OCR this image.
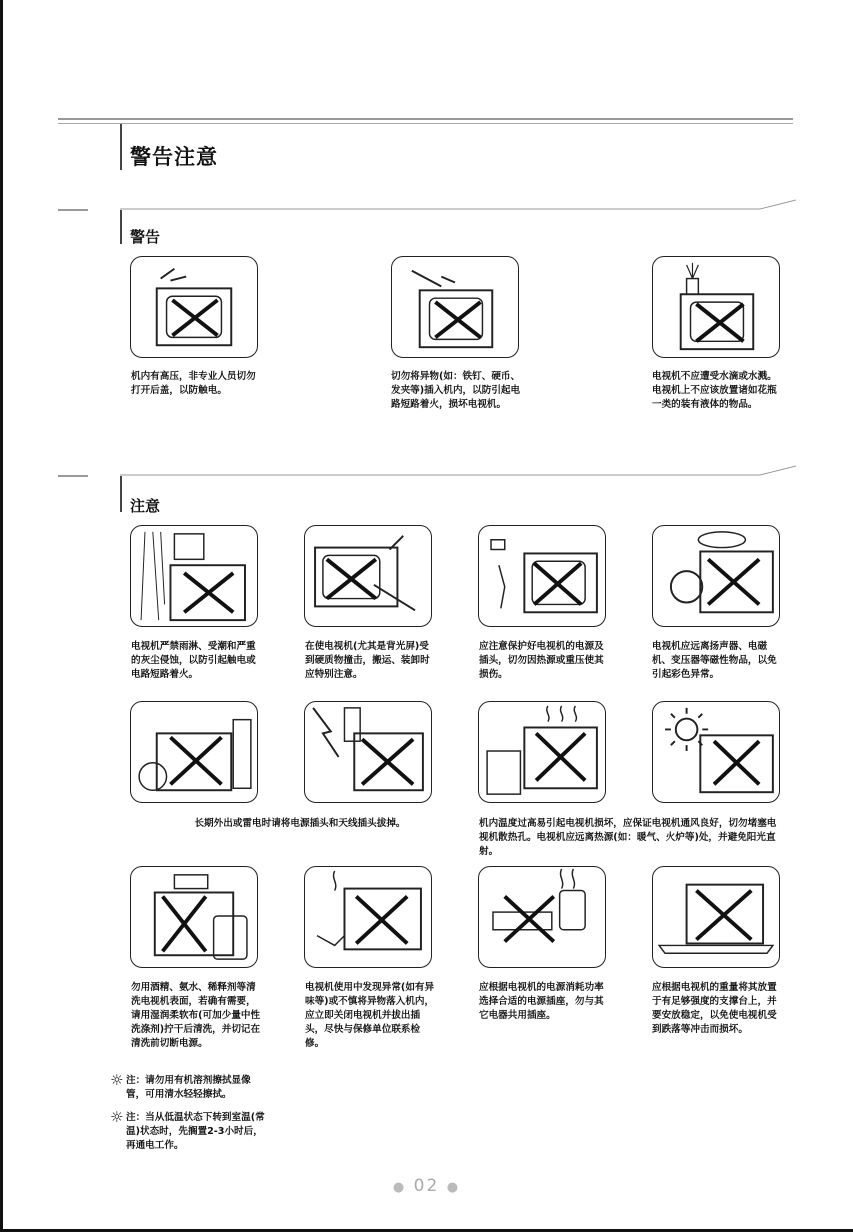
警告注意
警告
机内有高压，非专业人员切勿打开后盖，以防触电。
切勿将异物(如：铁钉、硬币、发夹等)插入机内，以防引起电路短路着火，损坏电视机。
电视机不应遭受水滴或水溅。电视机上不应该放置诸如花瓶一类的装有液体的物品。
注意
电视机严禁雨淋、受潮和严重的灰尘侵蚀，以防引起触电或电路短路着火。
在使电视机(尤其是背光屏)受到硬质物撞击，搬运、装卸时应特别注意。
应注意保护好电视机的电源及插头，切勿因热源或重压使其损伤。
电视机应远离扬声器、电磁机、变压器等磁性物品，以免引起彩色异常。
长期外出或雷电时请将电源插头和天线插头拔掉。	机内温度过高易引起电视机损坏，应保证电视机通风良好，切勿堵塞电视机散热孔。电视机应远离热源(如：暖气、火炉等)处，并避免阳光直射。
勿用酒精、氨水、稀释剂等清洗电视机表面，若确有需要，请用湿润柔软布(可加少量中性洗涤剂)拧干后清洗，并切记在清洗前切断电源。
电视机使用中发现异常(如有异味等)或不慎将异物落入机内，应立即关闭电视机并拔出插头，尽快与保修单位联系检修。
应根据电视机的电源消耗功率选择合适的电源插座，勿与其它电器共用插座。
应根据电视机的重量将其放置于有足够强度的支撑台上，并要安放稳定，以免使电视机受到跌落等冲击而损坏。
☼ 注：请勿用有机溶剂擦拭显像管，可用清水轻轻擦拭。
☼ 注：当从低温状态下转到室温(常温)状态时，先搁置2-3小时后，再通电工作。
● 02 ●
